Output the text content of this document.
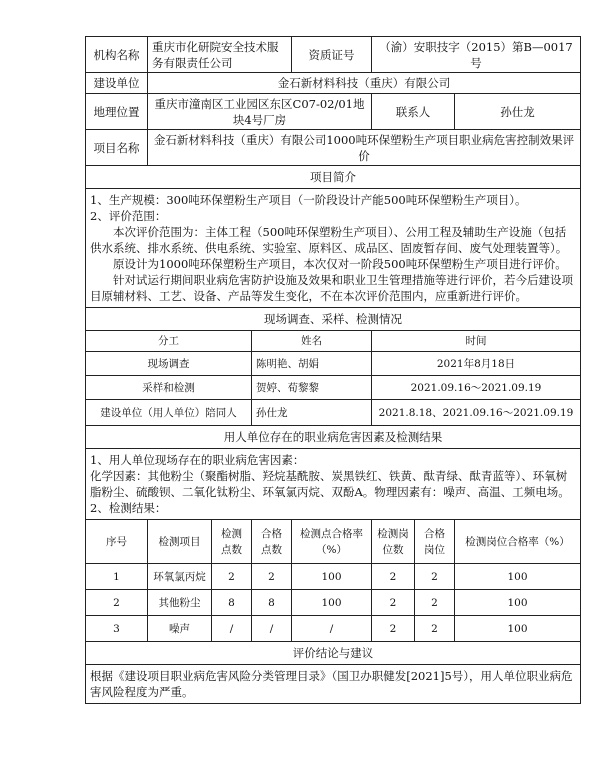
机构名称	重庆市化研院安全技术服务有限责任公司			资质证号	（渝）安职技字（2015）第B—0017号		
建设单位	金石新材料科技（重庆）有限公司						
地理位置	重庆市潼南区工业园区东区C07-02/01地块4号厂房				联系人		孙仕龙
项目名称	金石新材料科技（重庆）有限公司1000吨环保塑粉生产项目职业病危害控制效果评价						
项目简介							

1、生产规模：300吨环保塑粉生产项目（一阶段设计产能500吨环保塑粉生产项目）。

2、评价范围：

本次评价范围为：主体工程（500吨环保塑粉生产项目）、公用工程及辅助生产设施（包括供水系统、排水系统、供电系统、实验室、原料区、成品区、固废暂存间、废气处理装置等）。

原设计为1000吨环保塑粉生产项目，本次仅对一阶段500吨环保塑粉生产项目进行评价。

针对试运行期间职业病危害防护设施及效果和职业卫生管理措施等进行评价，若今后建设项目原辅材料、工艺、设备、产品等发生变化，不在本次评价范围内，应重新进行评价。							

现场调查、采样、检测情况							
分工			姓名		时间		
现场调查			陈明艳、胡娟		2021年8月18日		
采样和检测			贺婷、荀黎黎		2021.09.16～2021.09.19		
建设单位（用人单位）陪同人			孙仕龙		2021.8.18、2021.09.16～2021.09.19		
用人单位存在的职业病危害因素及检测结果							

1、用人单位现场存在的职业病危害因素：

化学因素：其他粉尘（聚酯树脂、羟烷基酰胺、炭黑铁红、铁黄、酞青绿、酞青蓝等）、环氧树脂粉尘、硫酸钡、二氧化钛粉尘、环氧氯丙烷、双酚A。物理因素有：噪声、高温、工频电场。

2、检测结果：							

序号	检测项目	检测点数	合格点数	检测点合格率（%）	检测岗位数	合格岗位	检测岗位合格率（%）
1	环氧氯丙烷	2	2	100	2	2	100
2	其他粉尘	8	8	100	2	2	100
3	噪声	/	/	/	2	2	100
评价结论与建议							
根据《建设项目职业病危害风险分类管理目录》（国卫办职健发[2021]5号），用人单位职业病危害风险程度为严重。							
